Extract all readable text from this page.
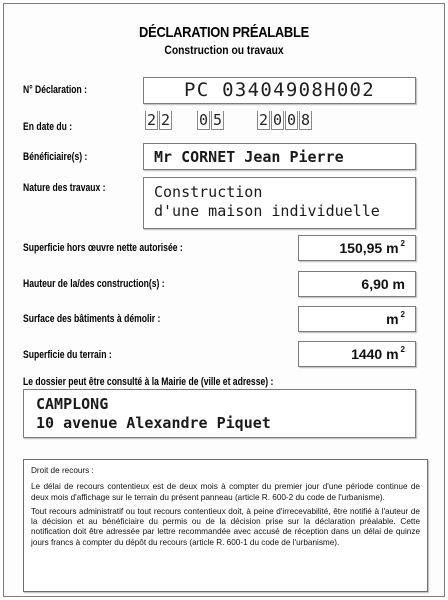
DÉCLARATION PRÉALABLE
Construction ou travaux
N° Déclaration :	PC 03404908H002
En date du :	2 2 0 5 2 0 0 8
Bénéficiaire(s) :	Mr CORNET Jean Pierre
Nature des travaux :	Construction
d'une maison individuelle
Superficie hors œuvre nette autorisée :	150,95 m $^2$
Hauteur de la/des construction(s) :	6,90 m
Surface des bâtiments à démolir :	m $^2$
Superficie du terrain :	1440 m $^2$
Le dossier peut être consulté à la Mairie de (ville et adresse) :
CAMPLONG
10 avenue Alexandre Piquet

Droit de recours :

Le délai de recours contentieux est de deux mois à compter du premier jour d'une période continue de deux mois d'affichage sur le terrain du présent panneau (article R. 600-2 du code de l'urbanisme).

Tout recours administratif ou tout recours contentieux doit, à peine d'irrecevabilité, être notifié à l'auteur de la décision et au bénéficiaire du permis ou de la décision prise sur la déclaration préalable. Cette notification doit être adressée par lettre recommandée avec accusé de réception dans un délai de quinze jours francs à compter du dépôt du recours (article R. 600-1 du code de l'urbanisme).
